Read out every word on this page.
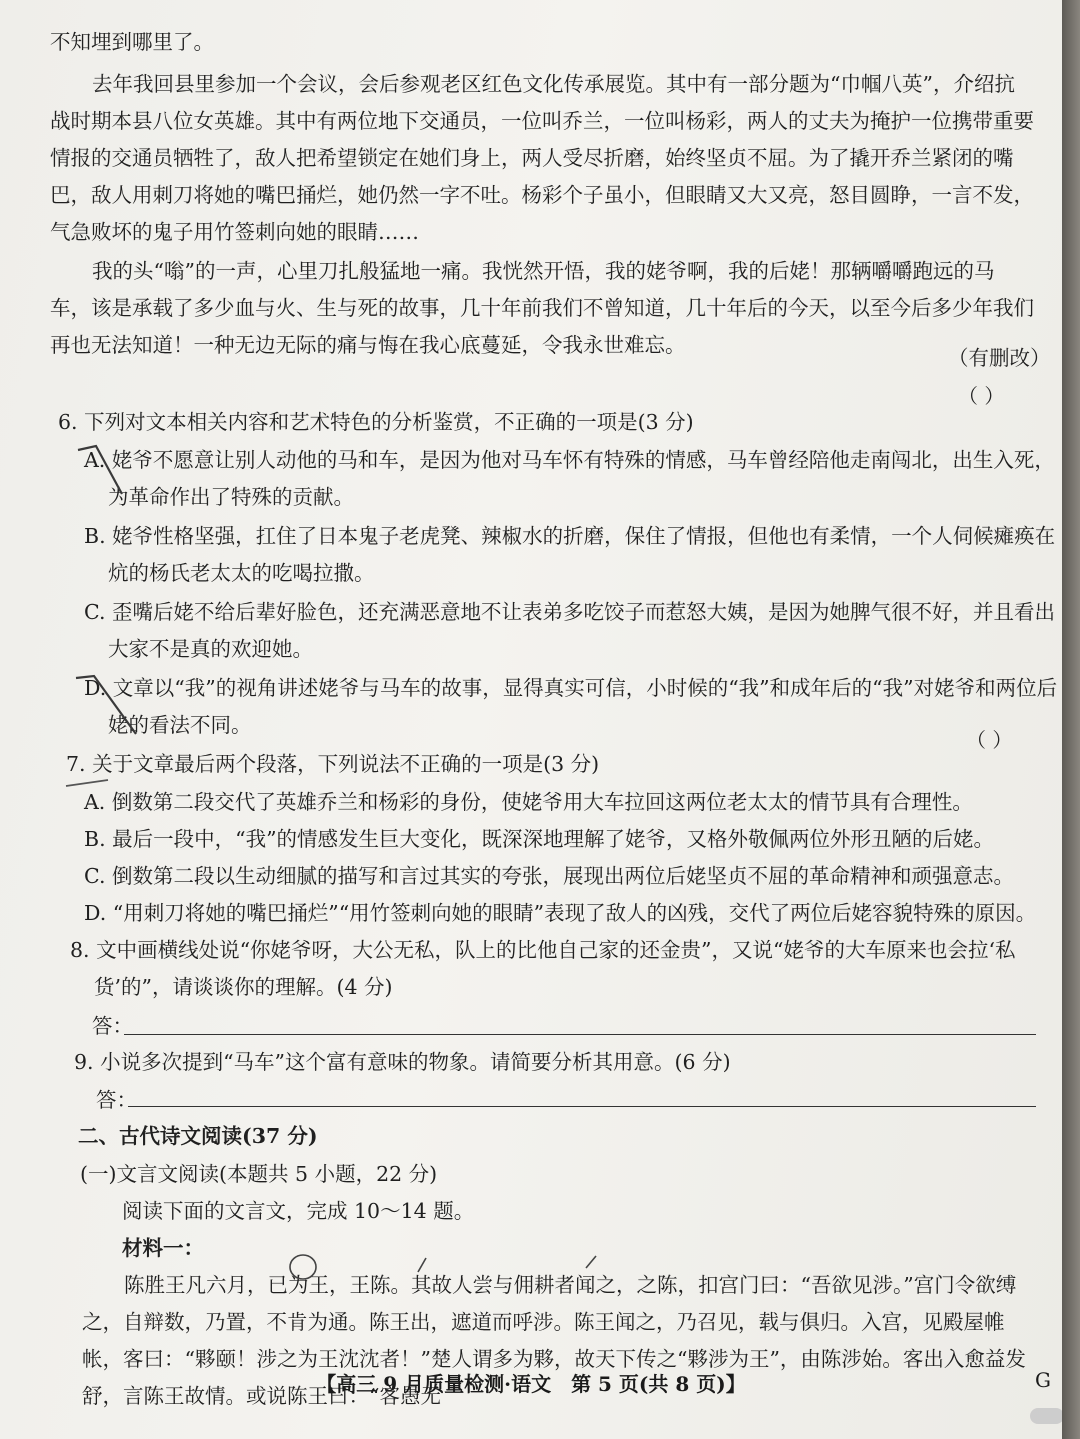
不知埋到哪里了。

去年我回县里参加一个会议，会后参观老区红色文化传承展览。其中有一部分题为“巾帼八英”，介绍抗战时期本县八位女英雄。其中有两位地下交通员，一位叫乔兰，一位叫杨彩，两人的丈夫为掩护一位携带重要情报的交通员牺牲了，敌人把希望锁定在她们身上，两人受尽折磨，始终坚贞不屈。为了撬开乔兰紧闭的嘴巴，敌人用刺刀将她的嘴巴捅烂，她仍然一字不吐。杨彩个子虽小，但眼睛又大又亮，怒目圆睁，一言不发，气急败坏的鬼子用竹签刺向她的眼睛……

我的头“嗡”的一声，心里刀扎般猛地一痛。我恍然开悟，我的姥爷啊，我的后姥！那辆嚼嚼跑远的马车，该是承载了多少血与火、生与死的故事，几十年前我们不曾知道，几十年后的今天，以至今后多少年我们再也无法知道！一种无边无际的痛与悔在我心底蔓延，令我永世难忘。

（有删改）
（ ）
6. 下列对文本相关内容和艺术特色的分析鉴赏，不正确的一项是(3 分)

A. 姥爷不愿意让别人动他的马和车，是因为他对马车怀有特殊的情感，马车曾经陪他走南闯北，出生入死，为革命作出了特殊的贡献。

B. 姥爷性格坚强，扛住了日本鬼子老虎凳、辣椒水的折磨，保住了情报，但他也有柔情，一个人伺候瘫痪在炕的杨氏老太太的吃喝拉撒。

C. 歪嘴后姥不给后辈好脸色，还充满恶意地不让表弟多吃饺子而惹怒大姨，是因为她脾气很不好，并且看出大家不是真的欢迎她。

D. 文章以“我”的视角讲述姥爷与马车的故事，显得真实可信，小时候的“我”和成年后的“我”对姥爷和两位后姥的看法不同。

（ ）
7. 关于文章最后两个段落，下列说法不正确的一项是(3 分)

A. 倒数第二段交代了英雄乔兰和杨彩的身份，使姥爷用大车拉回这两位老太太的情节具有合理性。

B. 最后一段中，“我”的情感发生巨大变化，既深深地理解了姥爷，又格外敬佩两位外形丑陋的后姥。

C. 倒数第二段以生动细腻的描写和言过其实的夸张，展现出两位后姥坚贞不屈的革命精神和顽强意志。

D. “用刺刀将她的嘴巴捅烂”“用竹签刺向她的眼睛”表现了敌人的凶残，交代了两位后姥容貌特殊的原因。

8. 文中画横线处说“你姥爷呀，大公无私，队上的比他自己家的还金贵”，又说“姥爷的大车原来也会拉‘私货’的”，请谈谈你的理解。(4 分)

答：
9. 小说多次提到“马车”这个富有意味的物象。请简要分析其用意。(6 分)
答：
二、古代诗文阅读(37 分)
(一)文言文阅读(本题共 5 小题，22 分)
阅读下面的文言文，完成 10～14 题。
材料一：

陈胜王凡六月，已为王，王陈。其故人尝与佣耕者闻之，之陈，扣宫门曰：“吾欲见涉。”宫门令欲缚之，自辩数，乃置，不肯为通。陈王出，遮道而呼涉。陈王闻之，乃召见，载与俱归。入宫，见殿屋帷帐，客曰：“夥颐！涉之为王沈沈者！”楚人谓多为夥，故天下传之“夥涉为王”，由陈涉始。客出入愈益发舒，言陈王故情。或说陈王曰：“客愚无

【高三 9 月质量检测·语文　第 5 页(共 8 页)】	G
